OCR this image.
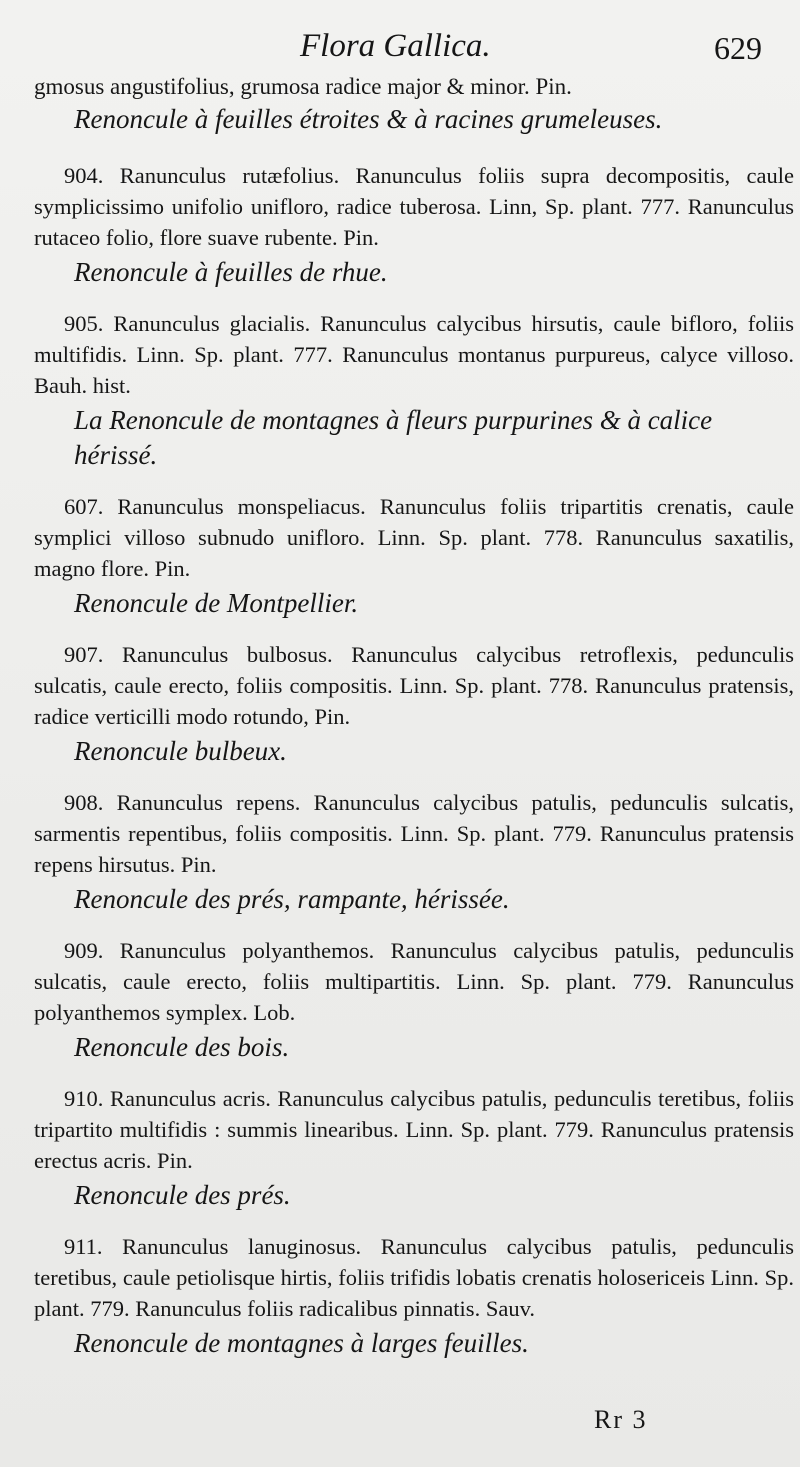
Flora Gallica.	629
gmosus angustifolius, grumosa radice major & minor. Pin.
Renoncule à feuilles étroites & à racines grumeleuses.

904. Ranunculus rutæfolius. Ranunculus foliis supra decompositis, caule symplicissimo unifolio unifloro, radice tuberosa. Linn, Sp. plant. 777. Ranunculus rutaceo folio, flore suave rubente. Pin.

Renoncule à feuilles de rhue.

905. Ranunculus glacialis. Ranunculus calycibus hirsutis, caule bifloro, foliis multifidis. Linn. Sp. plant. 777. Ranunculus montanus purpureus, calyce villoso. Bauh. hist.

La Renoncule de montagnes à fleurs purpurines & à calice hérissé.

607. Ranunculus monspeliacus. Ranunculus foliis tripartitis crenatis, caule symplici villoso subnudo unifloro. Linn. Sp. plant. 778. Ranunculus saxatilis, magno flore. Pin.

Renoncule de Montpellier.

907. Ranunculus bulbosus. Ranunculus calycibus retroflexis, pedunculis sulcatis, caule erecto, foliis compositis. Linn. Sp. plant. 778. Ranunculus pratensis, radice verticilli modo rotundo, Pin.

Renoncule bulbeux.

908. Ranunculus repens. Ranunculus calycibus patulis, pedunculis sulcatis, sarmentis repentibus, foliis compositis. Linn. Sp. plant. 779. Ranunculus pratensis repens hirsutus. Pin.

Renoncule des prés, rampante, hérissée.

909. Ranunculus polyanthemos. Ranunculus calycibus patulis, pedunculis sulcatis, caule erecto, foliis multipartitis. Linn. Sp. plant. 779. Ranunculus polyanthemos symplex. Lob.

Renoncule des bois.

910. Ranunculus acris. Ranunculus calycibus patulis, pedunculis teretibus, foliis tripartito multifidis : summis linearibus. Linn. Sp. plant. 779. Ranunculus pratensis erectus acris. Pin.

Renoncule des prés.

911. Ranunculus lanuginosus. Ranunculus calycibus patulis, pedunculis teretibus, caule petiolisque hirtis, foliis trifidis lobatis crenatis holosericeis Linn. Sp. plant. 779. Ranunculus foliis radicalibus pinnatis. Sauv.

Renoncule de montagnes à larges feuilles.
Rr 3
